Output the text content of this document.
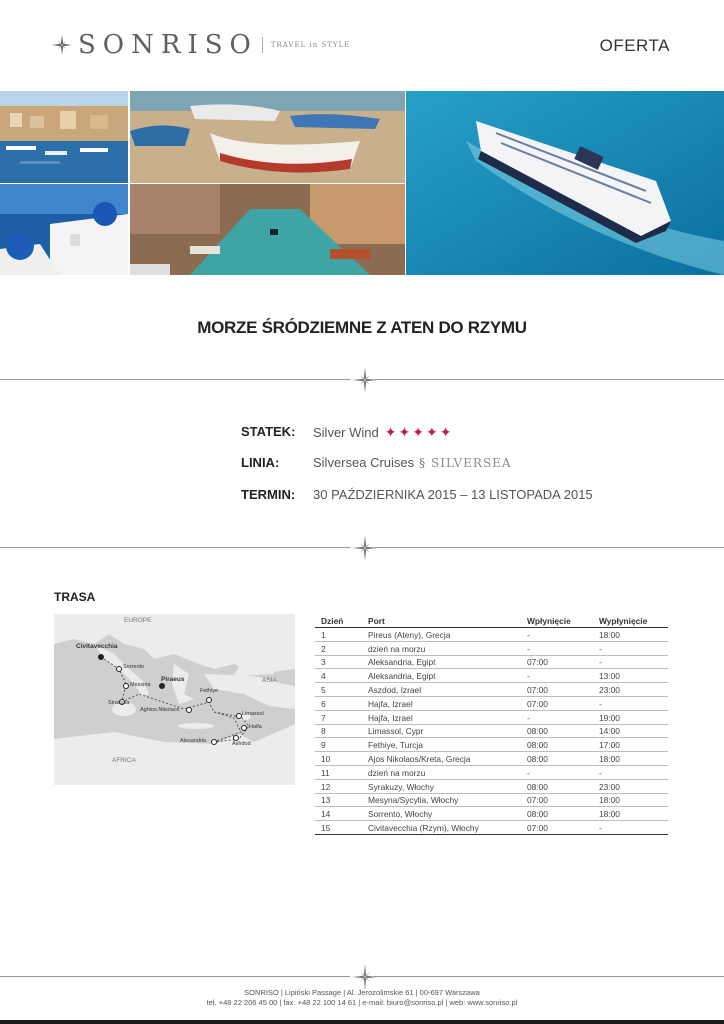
SONRISO TRAVEL in STYLE	OFERTA
MORZE ŚRÓDZIEMNE Z ATEN DO RZYMU
STATEK: Silver Wind ✦ ✦ ✦ ✦ ✦
LINIA:	Silversea Cruises § SILVERSEA
TERMIN: 30 PAŹDZIERNIKA 2015 – 13 LISTOPADA 2015
TRASA
EUROPE
ASIA
AFRICA
Civitavecchia
Sorrento
Messina
Siracusa
Piraeus
Fethiye
Aghios Nikolaos
Limassol
Haifa
Alexandria	Ashdod
Dzień	Port	Wpłynięcie	Wypłynięcie
1	Pireus (Ateny), Grecja	-	18:00
2	dzień na morzu	-	-
3	Aleksandria, Egipt	07:00	-
4	Aleksandria, Egipt	-	13:00
5	Aszdod, Izrael	07:00	23:00
6	Hajfa, Izrael	07:00	-
7	Hajfa, Izrael	-	19:00
8	Limassol, Cypr	08:00	14:00
9	Fethiye, Turcja	08:00	17:00
10	Ajos Nikolaos/Kreta, Grecja	08:00	18:00
11	dzień na morzu	-	-
12	Syrakuzy, Włochy	08:00	23:00
13	Mesyna/Sycylia, Włochy	07:00	18:00
14	Sorrento, Włochy	08:00	18:00
15	Civitavecchia (Rzym), Włochy	07:00	-
SONRISO | Lipiński Passage | Al. Jerozolimskie 61 | 00-697 Warszawa
tel. +48 22 206 45 00 | fax. +48 22 100 14 61 | e-mail: biuro@sonriso.pl | web: www.sonriso.pl
